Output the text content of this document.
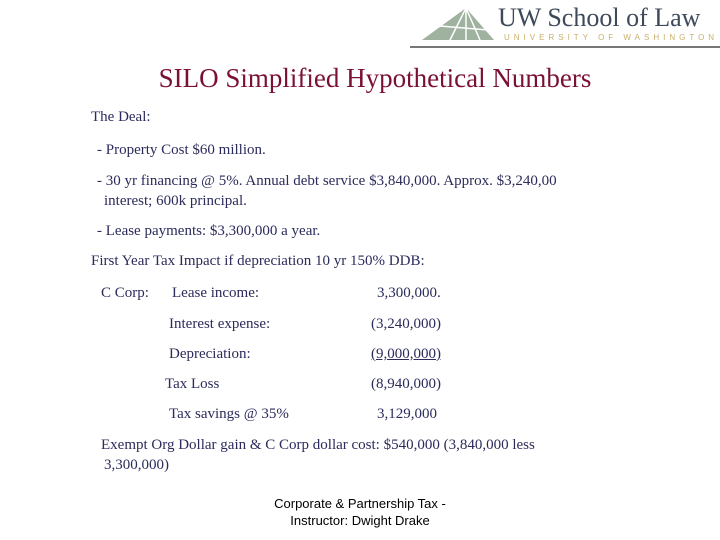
UW School of Law
UNIVERSITY OF WASHINGTON
SILO Simplified Hypothetical Numbers
The Deal:
- Property Cost $60 million.
- 30 yr financing @ 5%. Annual debt service $3,840,000. Approx. $3,240,00
interest; 600k principal.
- Lease payments: $3,300,000 a year.
First Year Tax Impact if depreciation 10 yr 150% DDB:
C Corp: Lease income:	3,300,000.
Interest expense:	(3,240,000)
Depreciation:	(9,000,000)
Tax Loss	(8,940,000)
Tax savings @ 35%	3,129,000
Exempt Org Dollar gain & C Corp dollar cost: $540,000 (3,840,000 less
3,300,000)
Corporate & Partnership Tax -
Instructor: Dwight Drake
